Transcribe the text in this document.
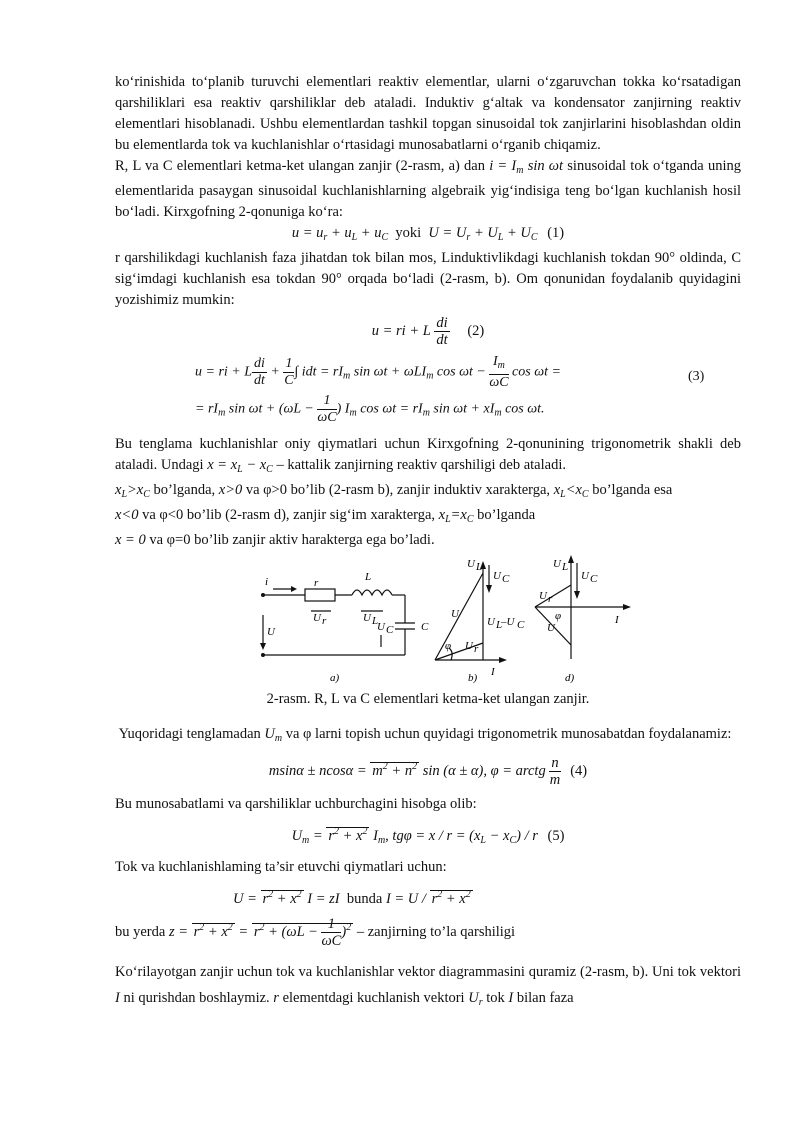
ko‘rinishida to‘planib turuvchi elementlari reaktiv elementlar, ularni o‘zgaruvchan tokka ko‘rsatadigan qarshiliklari esa reaktiv qarshiliklar deb ataladi. Induktiv g‘altak va kondensator zanjirning reaktiv elementlari hisoblanadi. Ushbu elementlardan tashkil topgan sinusoidal tok zanjirlarini hisoblashdan oldin bu elementlarda tok va kuchlanishlar o‘rtasidagi munosabatlarni o‘rganib chiqamiz.

R, L va C elementlari ketma-ket ulangan zanjir (2-rasm, a) dan $i = I_m$ sin ωt sinusoidal tok o‘tganda uning elementlarida pasaygan sinusoidal kuchlanishlarning algebraik yig‘indisiga teng bo‘lgan kuchlanish hosil bo‘ladi. Kirxgofning 2-qonuniga ko‘ra:

$u = u_r + u_L + u_C$ yoki $U = U_r + U_L + U_C$ (1)

r qarshilikdagi kuchlanish faza jihatdan tok bilan mos, Linduktivlikdagi kuchlanish tokdan 90° oldinda, C sig‘imdagi kuchlanish esa tokdan 90° orqada bo‘ladi (2-rasm, b). Om qonunidan foydalanib quyidagini yozishimiz mumkin:

u = ri + L $\frac{di}{dt} (2)$

u = ri + L $\frac{di}{dt} + \frac{1}{C}$ ∫ idt = $rI_m$ sin ωt + ωLI$_m$ $\cos \omega t - \frac{I_m}{\omega C}$ cos ωt =
= $rI_m$ $\sin \omega t + (\omega L - \frac{1}{\omega C}$ ) $I_m$ $\cos \omega t = rI_m$ $\sin \omega t + xI_m$ cos ωt.
(3)

Bu tenglama kuchlanishlar oniy qiymatlari uchun Kirxgofning 2-qonunining trigonometrik shakli deb ataladi. Undagi $x = x_L - x_C$ – kattalik zanjirning reaktiv qarshiligi deb ataladi.

$x_L>x_C$ bo’lganda, x>0 va φ>0 bo’lib (2-rasm b), zanjir induktiv xarakterga, $x_L<x_C$ bo’lganda esa
x<0 va φ<0 bo’lib (2-rasm d), zanjir sig‘im xarakterga, $x_L=x_C$ bo’lganda
x = 0 va φ=0 bo’lib zanjir aktiv harakterga ega bo’ladi.

i	r	L
U r	U L
U C	C
U
a)
U L
U C
U
U r
φ
U L
–U C
I
b)
U L
U C
U r
φ
U
I
d)

2-rasm. R, L va C elementlari ketma-ket ulangan zanjir.

Yuqoridagi tenglamadan $U_m$ va φ larni topish uchun quyidagi trigonometrik munosabatdan foydalanamiz:

$msin\alpha \pm ncos\alpha = m^2 + n^2$ sin (α ± α), φ = arctg $\frac{n}{m} (4)$

Bu munosabatlami va qarshiliklar uchburchagini hisobga olib:

$U_m = r^2 + x^2$ $I_m$, $tg\varphi = x / r = (x_L - x_C) / r$ (5)

Tok va kuchlanishlaming ta’sir etuvchi qiymatlari uchun:

$U = r^2 + x^2$ I = zI bunda $I = U / r^2 + x^2$

bu yerda $z = r^2 + x^2 = r^2 + (\omega L - \frac{1}{\omega C} )^2$ – zanjirning to’la qarshiligi

Ko‘rilayotgan zanjir uchun tok va kuchlanishlar vektor diagrammasini quramiz (2-rasm, b). Uni tok vektori I ni qurishdan boshlaymiz. r elementdagi kuchlanish vektori $U_r$ tok I bilan faza
